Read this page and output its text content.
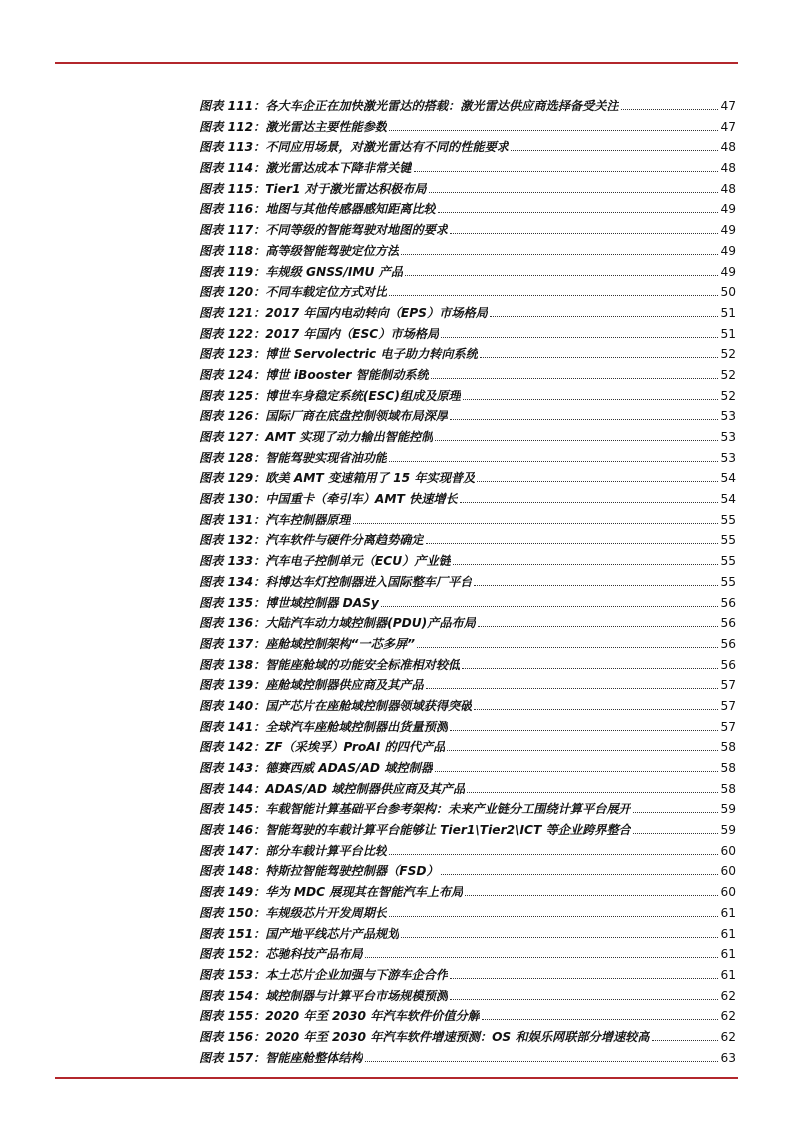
图表 111：各大车企正在加快激光雷达的搭载：激光雷达供应商选择备受关注	47
图表 112：激光雷达主要性能参数	47
图表 113：不同应用场景，对激光雷达有不同的性能要求	48
图表 114：激光雷达成本下降非常关键	48
图表 115：Tier1 对于激光雷达积极布局	48
图表 116：地图与其他传感器感知距离比较	49
图表 117：不同等级的智能驾驶对地图的要求	49
图表 118：高等级智能驾驶定位方法	49
图表 119：车规级 GNSS/IMU 产品	49
图表 120：不同车载定位方式对比	50
图表 121：2017 年国内电动转向（EPS）市场格局	51
图表 122：2017 年国内（ESC）市场格局	51
图表 123：博世 Servolectric 电子助力转向系统	52
图表 124：博世 iBooster 智能制动系统	52
图表 125：博世车身稳定系统(ESC)组成及原理	52
图表 126：国际厂商在底盘控制领域布局深厚	53
图表 127：AMT 实现了动力输出智能控制	53
图表 128：智能驾驶实现省油功能	53
图表 129：欧美 AMT 变速箱用了 15 年实现普及	54
图表 130：中国重卡（牵引车）AMT 快速增长	54
图表 131：汽车控制器原理	55
图表 132：汽车软件与硬件分离趋势确定	55
图表 133：汽车电子控制单元（ECU）产业链	55
图表 134：科博达车灯控制器进入国际整车厂平台	55
图表 135：博世域控制器 DASy	56
图表 136：大陆汽车动力域控制器(PDU)产品布局	56
图表 137：座舱域控制架构“一芯多屏”	56
图表 138：智能座舱域的功能安全标准相对较低	56
图表 139：座舱域控制器供应商及其产品	57
图表 140：国产芯片在座舱域控制器领域获得突破	57
图表 141：全球汽车座舱域控制器出货量预测	57
图表 142：ZF（采埃孚）ProAI 的四代产品	58
图表 143：德赛西威 ADAS/AD 域控制器	58
图表 144：ADAS/AD 域控制器供应商及其产品	58
图表 145：车载智能计算基础平台参考架构：未来产业链分工围绕计算平台展开	59
图表 146：智能驾驶的车载计算平台能够让 Tier1\Tier2\ICT 等企业跨界整合	59
图表 147：部分车载计算平台比较	60
图表 148：特斯拉智能驾驶控制器（FSD）	60
图表 149：华为 MDC 展现其在智能汽车上布局	60
图表 150：车规级芯片开发周期长	61
图表 151：国产地平线芯片产品规划	61
图表 152：芯驰科技产品布局	61
图表 153：本土芯片企业加强与下游车企合作	61
图表 154：域控制器与计算平台市场规模预测	62
图表 155：2020 年至 2030 年汽车软件价值分解	62
图表 156：2020 年至 2030 年汽车软件增速预测：OS 和娱乐网联部分增速较高	62
图表 157：智能座舱整体结构	63
